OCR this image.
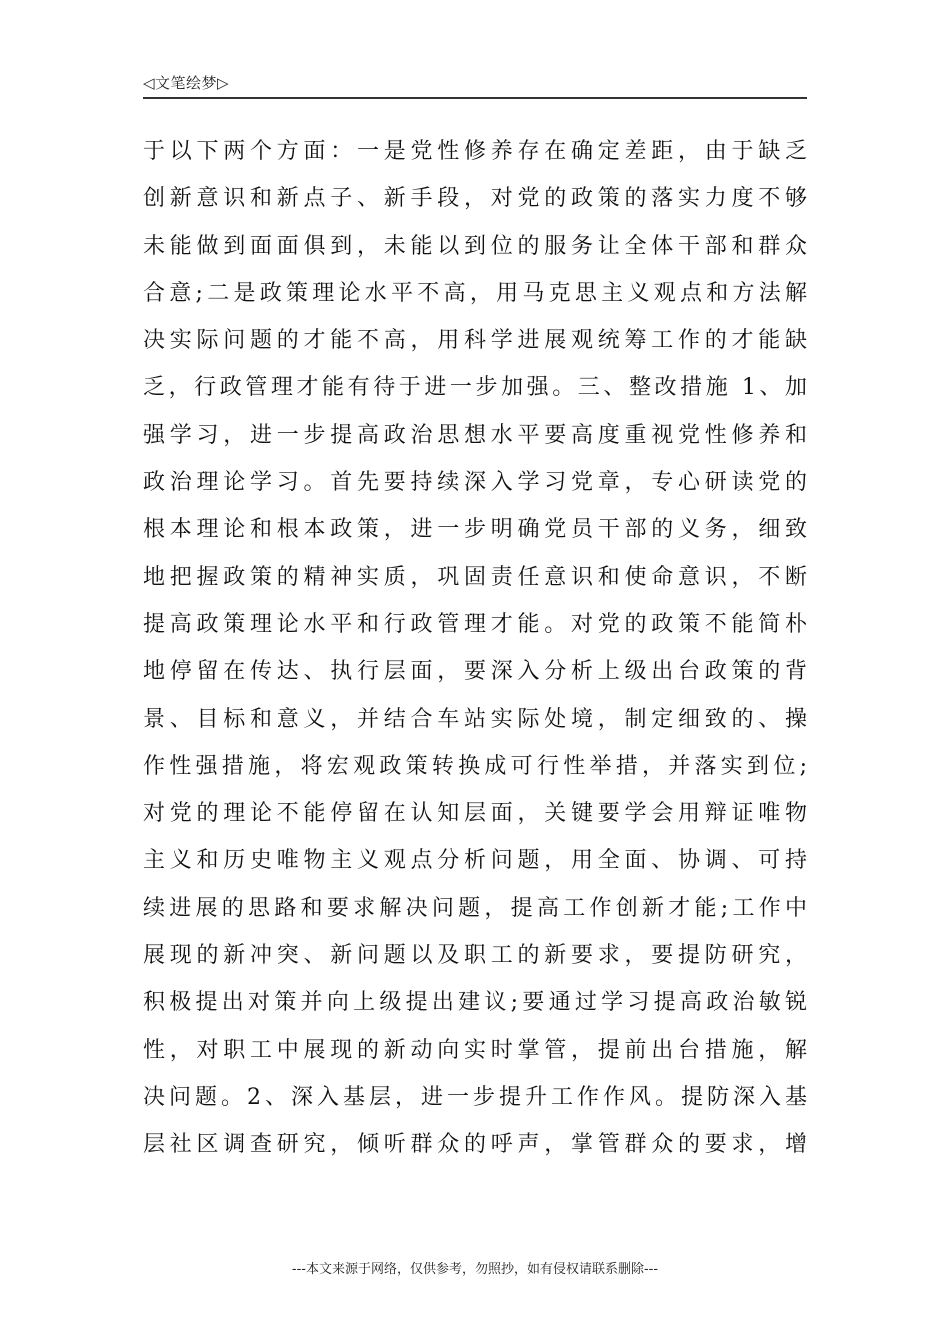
◁文笔绘梦▷
于以下两个方面：一是党性修养存在确定差距，由于缺乏
创新意识和新点子、新手段，对党的政策的落实力度不够
未能做到面面俱到，未能以到位的服务让全体干部和群众
合意;二是政策理论水平不高，用马克思主义观点和方法解
决实际问题的才能不高，用科学进展观统筹工作的才能缺
乏，行政管理才能有待于进一步加强。三、整改措施 1、加
强学习，进一步提高政治思想水平要高度重视党性修养和
政治理论学习。首先要持续深入学习党章，专心研读党的
根本理论和根本政策，进一步明确党员干部的义务，细致
地把握政策的精神实质，巩固责任意识和使命意识，不断
提高政策理论水平和行政管理才能。对党的政策不能简朴
地停留在传达、执行层面，要深入分析上级出台政策的背
景、目标和意义，并结合车站实际处境，制定细致的、操
作性强措施，将宏观政策转换成可行性举措，并落实到位;
对党的理论不能停留在认知层面，关键要学会用辩证唯物
主义和历史唯物主义观点分析问题，用全面、协调、可持
续进展的思路和要求解决问题，提高工作创新才能;工作中
展现的新冲突、新问题以及职工的新要求，要提防研究，
积极提出对策并向上级提出建议;要通过学习提高政治敏锐
性，对职工中展现的新动向实时掌管，提前出台措施，解
决问题。2、深入基层，进一步提升工作作风。提防深入基
层社区调查研究，倾听群众的呼声，掌管群众的要求，增
---本文来源于网络，仅供参考，勿照抄，如有侵权请联系删除---
